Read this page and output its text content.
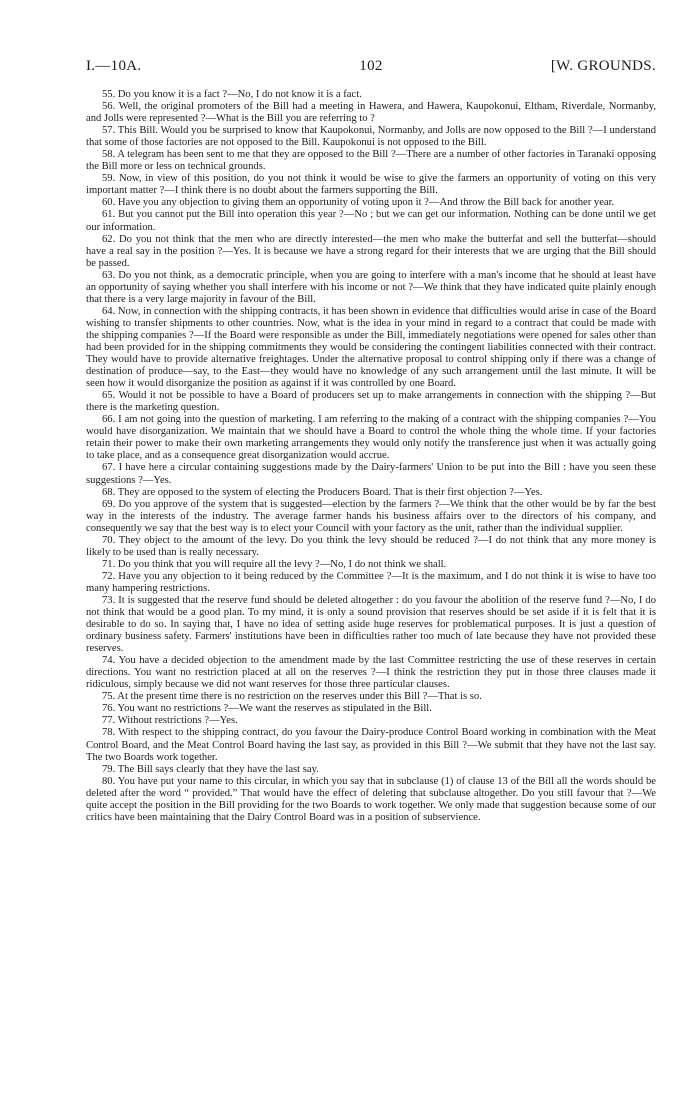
I.—10A.	102	[W. GROUNDS.

55. Do you know it is a fact ?—No, I do not know it is a fact.

56. Well, the original promoters of the Bill had a meeting in Hawera, and Hawera, Kaupokonui, Eltham, Riverdale, Normanby, and Jolls were represented ?—What is the Bill you are referring to ?

57. This Bill. Would you be surprised to know that Kaupokonui, Normanby, and Jolls are now opposed to the Bill ?—I understand that some of those factories are not opposed to the Bill. Kaupokonui is not opposed to the Bill.

58. A telegram has been sent to me that they are opposed to the Bill ?—There are a number of other factories in Taranaki opposing the Bill more or less on technical grounds.

59. Now, in view of this position, do you not think it would be wise to give the farmers an opportunity of voting on this very important matter ?—I think there is no doubt about the farmers supporting the Bill.

60. Have you any objection to giving them an opportunity of voting upon it ?—And throw the Bill back for another year.

61. But you cannot put the Bill into operation this year ?—No ; but we can get our information. Nothing can be done until we get our information.

62. Do you not think that the men who are directly interested—the men who make the butterfat and sell the butterfat—should have a real say in the position ?—Yes. It is because we have a strong regard for their interests that we are urging that the Bill should be passed.

63. Do you not think, as a democratic principle, when you are going to interfere with a man's income that he should at least have an opportunity of saying whether you shall interfere with his income or not ?—We think that they have indicated quite plainly enough that there is a very large majority in favour of the Bill.

64. Now, in connection with the shipping contracts, it has been shown in evidence that difficulties would arise in case of the Board wishing to transfer shipments to other countries. Now, what is the idea in your mind in regard to a contract that could be made with the shipping companies ?—If the Board were responsible as under the Bill, immediately negotiations were opened for sales other than had been provided for in the shipping commitments they would be considering the contingent liabilities connected with their contract. They would have to provide alternative freightages. Under the alternative proposal to control shipping only if there was a change of destination of produce—say, to the East—they would have no knowledge of any such arrangement until the last minute. It will be seen how it would disorganize the position as against if it was controlled by one Board.

65. Would it not be possible to have a Board of producers set up to make arrangements in connection with the shipping ?—But there is the marketing question.

66. I am not going into the question of marketing. I am referring to the making of a contract with the shipping companies ?—You would have disorganization. We maintain that we should have a Board to control the whole thing the whole time. If your factories retain their power to make their own marketing arrangements they would only notify the transference just when it was actually going to take place, and as a consequence great disorganization would accrue.

67. I have here a circular containing suggestions made by the Dairy-farmers' Union to be put into the Bill : have you seen these suggestions ?—Yes.

68. They are opposed to the system of electing the Producers Board. That is their first objection ?—Yes.

69. Do you approve of the system that is suggested—election by the farmers ?—We think that the other would be by far the best way in the interests of the industry. The average farmer hands his business affairs over to the directors of his company, and consequently we say that the best way is to elect your Council with your factory as the unit, rather than the individual supplier.

70. They object to the amount of the levy. Do you think the levy should be reduced ?—I do not think that any more money is likely to be used than is really necessary.

71. Do you think that you will require all the levy ?—No, I do not think we shall.

72. Have you any objection to it being reduced by the Committee ?—It is the maximum, and I do not think it is wise to have too many hampering restrictions.

73. It is suggested that the reserve fund should be deleted altogether : do you favour the abolition of the reserve fund ?—No, I do not think that would be a good plan. To my mind, it is only a sound provision that reserves should be set aside if it is felt that it is desirable to do so. In saying that, I have no idea of setting aside huge reserves for problematical purposes. It is just a question of ordinary business safety. Farmers' institutions have been in difficulties rather too much of late because they have not provided these reserves.

74. You have a decided objection to the amendment made by the last Committee restricting the use of these reserves in certain directions. You want no restriction placed at all on the reserves ?—I think the restriction they put in those three clauses made it ridiculous, simply because we did not want reserves for those three particular clauses.

75. At the present time there is no restriction on the reserves under this Bill ?—That is so.

76. You want no restrictions ?—We want the reserves as stipulated in the Bill.

77. Without restrictions ?—Yes.

78. With respect to the shipping contract, do you favour the Dairy-produce Control Board working in combination with the Meat Control Board, and the Meat Control Board having the last say, as provided in this Bill ?—We submit that they have not the last say. The two Boards work together.

79. The Bill says clearly that they have the last say.

80. You have put your name to this circular, in which you say that in subclause (1) of clause 13 of the Bill all the words should be deleted after the word “ provided.” That would have the effect of deleting that subclause altogether. Do you still favour that ?—We quite accept the position in the Bill providing for the two Boards to work together. We only made that suggestion because some of our critics have been maintaining that the Dairy Control Board was in a position of subservience.
